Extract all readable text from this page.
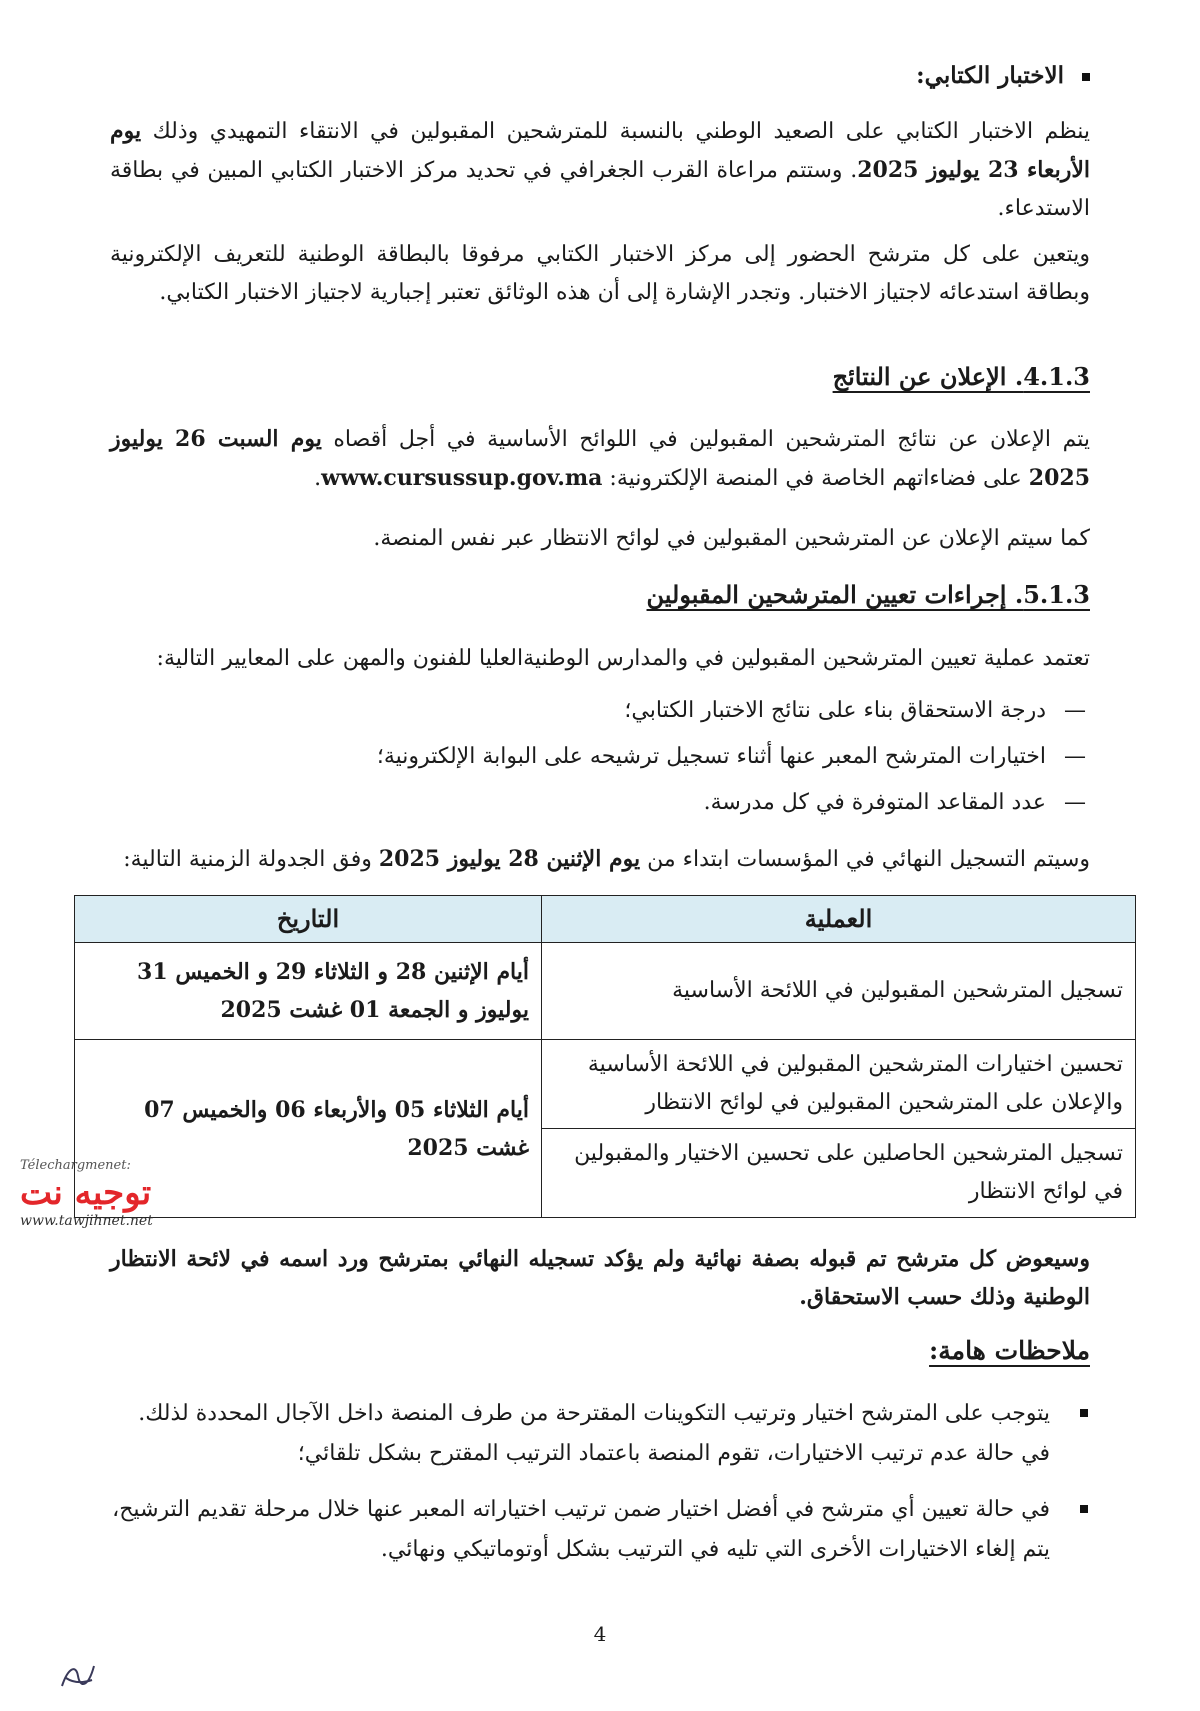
الاختبار الكتابي:

ينظم الاختبار الكتابي على الصعيد الوطني بالنسبة للمترشحين المقبولين في الانتقاء التمهيدي وذلك يوم الأربعاء 23 يوليوز 2025. وستتم مراعاة القرب الجغرافي في تحديد مركز الاختبار الكتابي المبين في بطاقة الاستدعاء.

ويتعين على كل مترشح الحضور إلى مركز الاختبار الكتابي مرفوقا بالبطاقة الوطنية للتعريف الإلكترونية وبطاقة استدعائه لاجتياز الاختبار. وتجدر الإشارة إلى أن هذه الوثائق تعتبر إجبارية لاجتياز الاختبار الكتابي.

4.1.3. الإعلان عن النتائج

يتم الإعلان عن نتائج المترشحين المقبولين في اللوائح الأساسية في أجل أقصاه يوم السبت 26 يوليوز 2025 على فضاءاتهم الخاصة في المنصة الإلكترونية: www.cursussup.gov.ma.

كما سيتم الإعلان عن المترشحين المقبولين في لوائح الانتظار عبر نفس المنصة.

5.1.3. إجراءات تعيين المترشحين المقبولين

تعتمد عملية تعيين المترشحين المقبولين في والمدارس الوطنيةالعليا للفنون والمهن على المعايير التالية:

—درجة الاستحقاق بناء على نتائج الاختبار الكتابي؛
—اختيارات المترشح المعبر عنها أثناء تسجيل ترشيحه على البوابة الإلكترونية؛
—عدد المقاعد المتوفرة في كل مدرسة.

وسيتم التسجيل النهائي في المؤسسات ابتداء من يوم الإثنين 28 يوليوز 2025 وفق الجدولة الزمنية التالية:

العملية	التاريخ
تسجيل المترشحين المقبولين في اللائحة الأساسية	أيام الإثنين 28 و الثلاثاء 29 و الخميس 31 يوليوز و الجمعة 01 غشت 2025
تحسين اختيارات المترشحين المقبولين في اللائحة الأساسية والإعلان على المترشحين المقبولين في لوائح الانتظار	أيام الثلاثاء 05 والأربعاء 06 والخميس 07 غشت 2025
تسجيل المترشحين الحاصلين على تحسين الاختيار والمقبولين في لوائح الانتظار	

وسيعوض كل مترشح تم قبوله بصفة نهائية ولم يؤكد تسجيله النهائي بمترشح ورد اسمه في لائحة الانتظار الوطنية وذلك حسب الاستحقاق.

ملاحظات هامة:

يتوجب على المترشح اختيار وترتيب التكوينات المقترحة من طرف المنصة داخل الآجال المحددة لذلك. في حالة عدم ترتيب الاختيارات، تقوم المنصة باعتماد الترتيب المقترح بشكل تلقائي؛
في حالة تعيين أي مترشح في أفضل اختيار ضمن ترتيب اختياراته المعبر عنها خلال مرحلة تقديم الترشيح، يتم إلغاء الاختيارات الأخرى التي تليه في الترتيب بشكل أوتوماتيكي ونهائي.
4
Télechargmenet:
توجيه نت
www.tawjihnet.net
